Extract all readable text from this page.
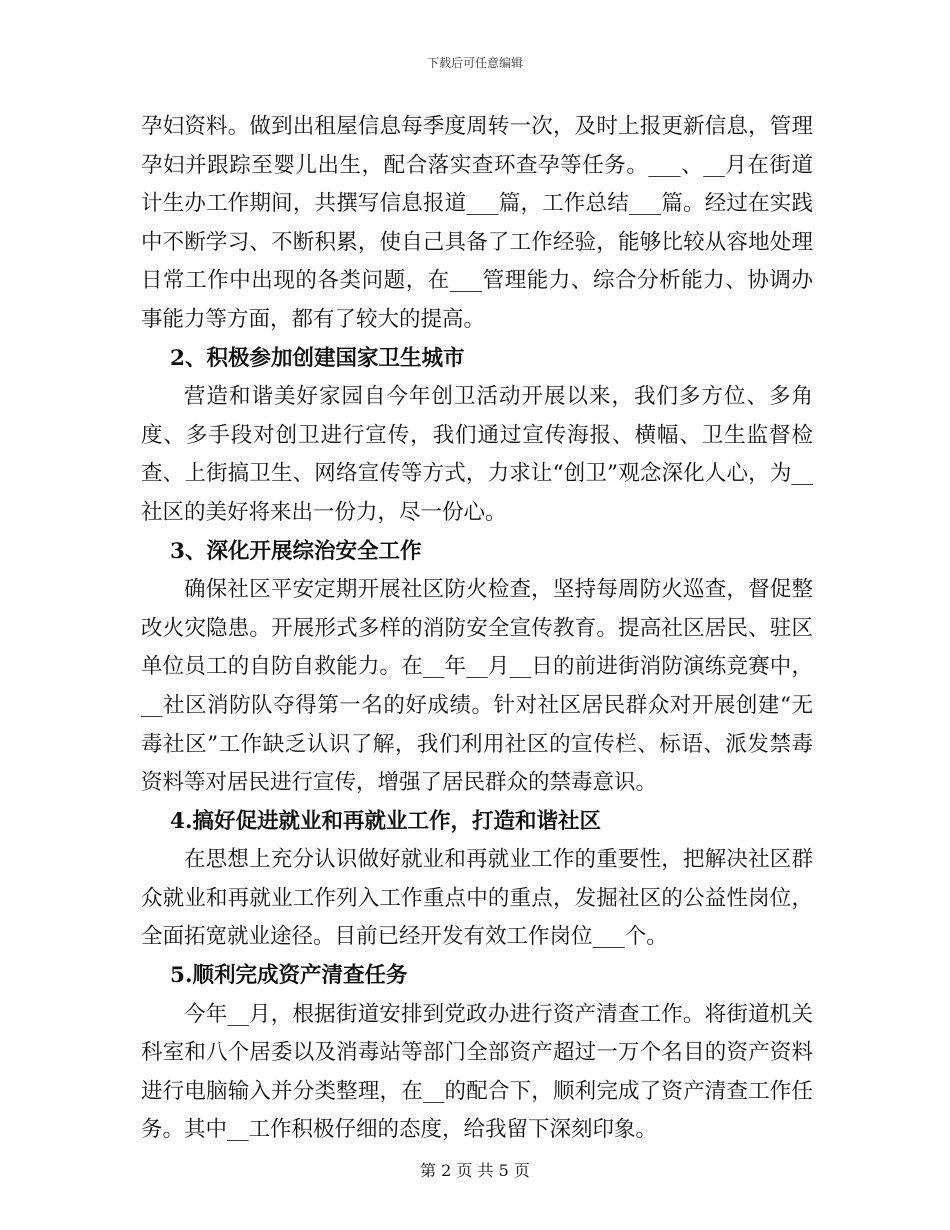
下载后可任意编辑

孕妇资料。做到出租屋信息每季度周转一次，及时上报更新信息，管理孕妇并跟踪至婴儿出生，配合落实查环查孕等任务。___、__月在街道计生办工作期间，共撰写信息报道___篇，工作总结___篇。经过在实践中不断学习、不断积累，使自己具备了工作经验，能够比较从容地处理日常工作中出现的各类问题，在___管理能力、综合分析能力、协调办事能力等方面，都有了较大的提高。

2、积极参加创建国家卫生城市

营造和谐美好家园自今年创卫活动开展以来，我们多方位、多角度、多手段对创卫进行宣传，我们通过宣传海报、横幅、卫生监督检查、上街搞卫生、网络宣传等方式，力求让“创卫”观念深化人心，为__社区的美好将来出一份力，尽一份心。

3、深化开展综治安全工作

确保社区平安定期开展社区防火检查，坚持每周防火巡查，督促整改火灾隐患。开展形式多样的消防安全宣传教育。提高社区居民、驻区单位员工的自防自救能力。在__年__月__日的前进街消防演练竞赛中，__社区消防队夺得第一名的好成绩。针对社区居民群众对开展创建“无毒社区”工作缺乏认识了解，我们利用社区的宣传栏、标语、派发禁毒资料等对居民进行宣传，增强了居民群众的禁毒意识。

4.搞好促进就业和再就业工作，打造和谐社区

在思想上充分认识做好就业和再就业工作的重要性，把解决社区群众就业和再就业工作列入工作重点中的重点，发掘社区的公益性岗位，全面拓宽就业途径。目前已经开发有效工作岗位___个。

5.顺利完成资产清查任务

今年__月，根据街道安排到党政办进行资产清查工作。将街道机关科室和八个居委以及消毒站等部门全部资产超过一万个名目的资产资料进行电脑输入并分类整理，在__的配合下，顺利完成了资产清查工作任务。其中__工作积极仔细的态度，给我留下深刻印象。

第 2 页 共 5 页
